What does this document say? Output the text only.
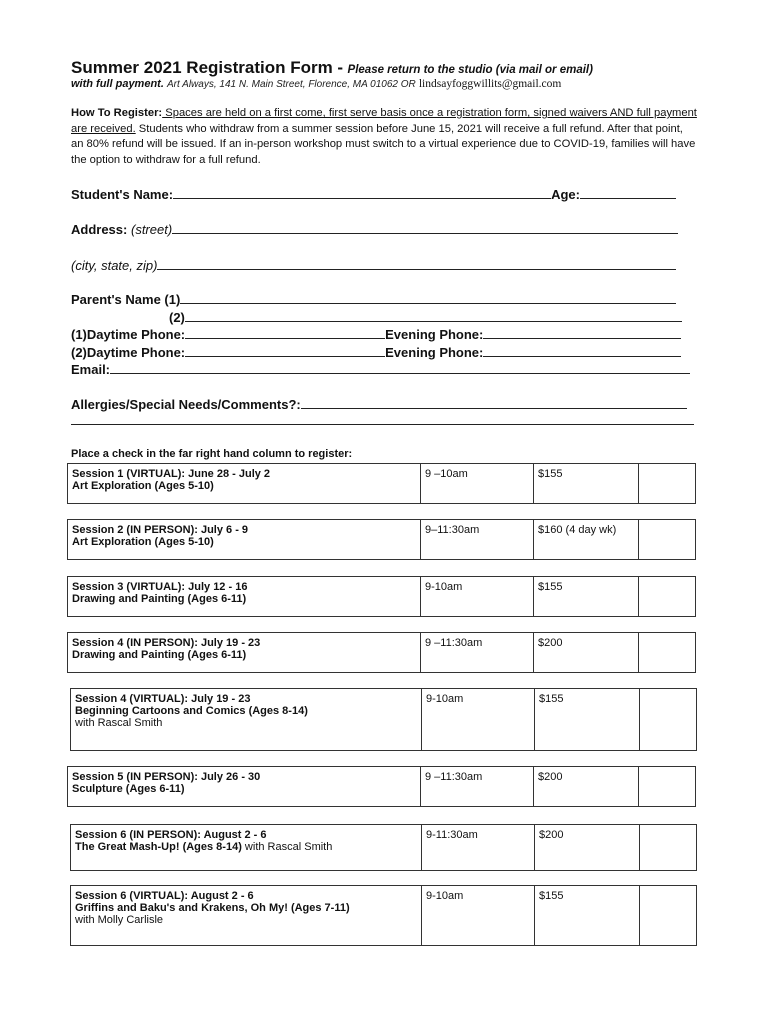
Summer 2021 Registration Form - Please return to the studio (via mail or email)
with full payment. Art Always, 141 N. Main Street, Florence, MA 01062 OR lindsayfoggwillits@gmail.com
How To Register: Spaces are held on a first come, first serve basis once a registration form, signed waivers AND full payment are received. Students who withdraw from a summer session before June 15, 2021 will receive a full refund. After that point, an 80% refund will be issued. If an in-person workshop must switch to a virtual experience due to COVID-19, families will have the option to withdraw for a full refund.
Student's Name:	Age:
Address: (street)
(city, state, zip)
Parent's Name (1)
(2)
(1)Daytime Phone:	Evening Phone:
(2)Daytime Phone:	Evening Phone:
Email:
Allergies/Special Needs/Comments?:
Place a check in the far right hand column to register:
Session 1 (VIRTUAL): June 28 - July 2
Art Exploration (Ages 5-10)
	9 –10am	$155	
Session 2 (IN PERSON): July 6 - 9
Art Exploration (Ages 5-10)
	9–11:30am	$160 (4 day wk)	
Session 3 (VIRTUAL): July 12 - 16
Drawing and Painting (Ages 6-11)
	9-10am	$155	
Session 4 (IN PERSON): July 19 - 23
Drawing and Painting (Ages 6-11)
	9 –11:30am	$200	
Session 4 (VIRTUAL): July 19 - 23
Beginning Cartoons and Comics (Ages 8-14)
with Rascal Smith
	9-10am	$155	
Session 5 (IN PERSON): July 26 - 30
Sculpture (Ages 6-11)
	9 –11:30am	$200	
Session 6 (IN PERSON): August 2 - 6
The Great Mash-Up! (Ages 8-14) with Rascal Smith
	9-11:30am	$200	
Session 6 (VIRTUAL): August 2 - 6
Griffins and Baku's and Krakens, Oh My! (Ages 7-11)
with Molly Carlisle
	9-10am	$155	
